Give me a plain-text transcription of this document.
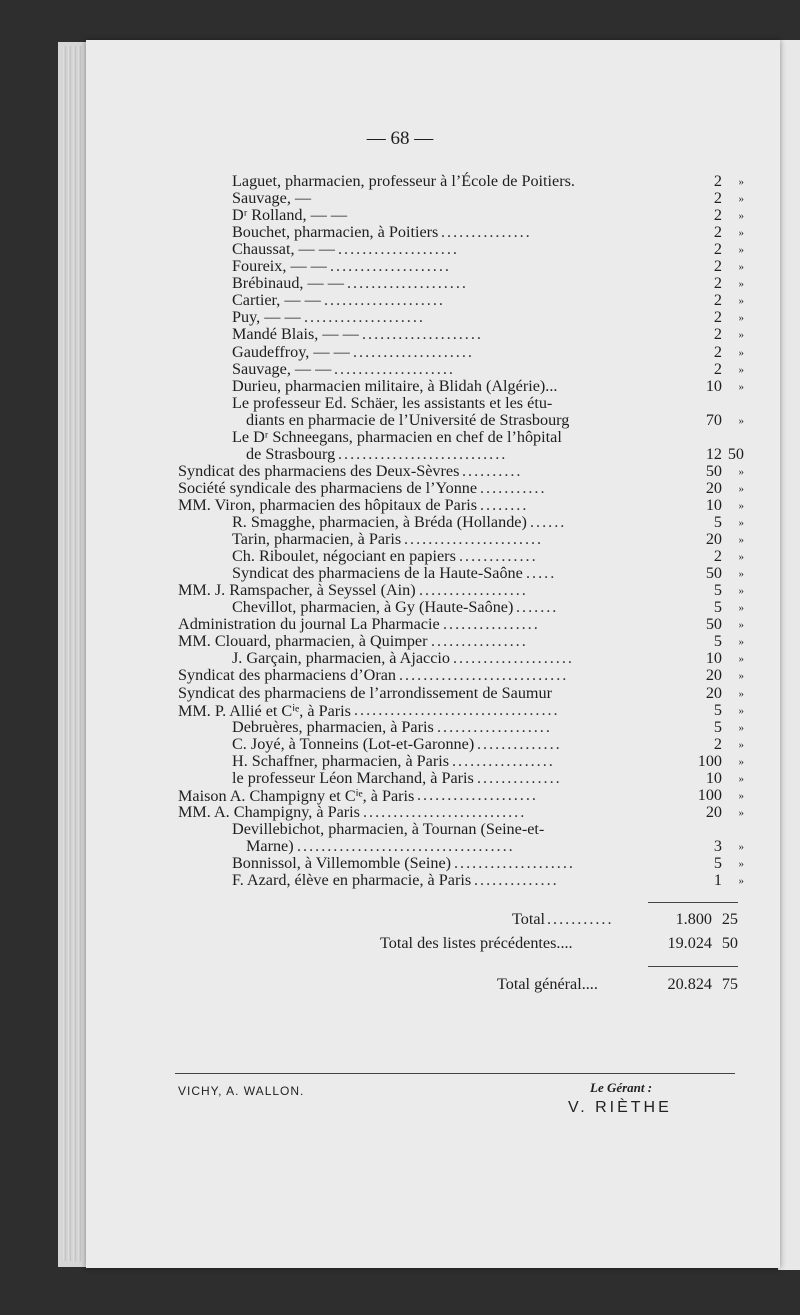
— 68 —
Laguet, pharmacien, professeur à l’École de Poitiers.	2	»
Sauvage, —	2	»
Dʳ Rolland, — —	2	»
Bouchet, pharmacien, à Poitiers ...............	2	»
Chaussat, — — ....................	2	»
Foureix, — — ....................	2	»
Brébinaud, — — ....................	2	»
Cartier, — — ....................	2	»
Puy, — — ....................	2	»
Mandé Blais, — — ....................	2	»
Gaudeffroy, — — ....................	2	»
Sauvage, — — ....................	2	»
Durieu, pharmacien militaire, à Blidah (Algérie)...	10	»
Le professeur Ed. Schäer, les assistants et les étu-
diants en pharmacie de l’Université de Strasbourg	70	»
Le Dʳ Schneegans, pharmacien en chef de l’hôpital
de Strasbourg ............................	12 50
Syndicat des pharmaciens des Deux-Sèvres ..........	50	»
Société syndicale des pharmaciens de l’Yonne ...........	20	»
MM. Viron, pharmacien des hôpitaux de Paris ........	10	»
R. Smagghe, pharmacien, à Bréda (Hollande) ......	5	»
Tarin, pharmacien, à Paris .......................	20	»
Ch. Riboulet, négociant en papiers .............	2	»
Syndicat des pharmaciens de la Haute-Saône .....	50	»
MM. J. Ramspacher, à Seyssel (Ain) ..................	5	»
Chevillot, pharmacien, à Gy (Haute-Saône) .......	5	»
Administration du journal La Pharmacie ................	50	»
MM. Clouard, pharmacien, à Quimper ................	5	»
J. Garçain, pharmacien, à Ajaccio ....................	10	»
Syndicat des pharmaciens d’Oran ............................	20	»
Syndicat des pharmaciens de l’arrondissement de Saumur	20	»
MM. P. Allié et Cⁱᵉ, à Paris ..................................	5	»
Debruères, pharmacien, à Paris ...................	5	»
C. Joyé, à Tonneins (Lot-et-Garonne) ..............	2	»
H. Schaffner, pharmacien, à Paris .................	100	»
le professeur Léon Marchand, à Paris ..............	10	»
Maison A. Champigny et Cⁱᵉ, à Paris ....................	100	»
MM. A. Champigny, à Paris ...........................	20	»
Devillebichot, pharmacien, à Tournan (Seine-et-
Marne) ....................................	3	»
Bonnissol, à Villemomble (Seine) ....................	5	»
F. Azard, élève en pharmacie, à Paris ..............	1	»
Total ...........	1.800 25
Total des listes précédentes....	19.024 50
Total général....	20.824 75
VICHY, A. WALLON.	Le Gérant :
V. RIÈTHE
